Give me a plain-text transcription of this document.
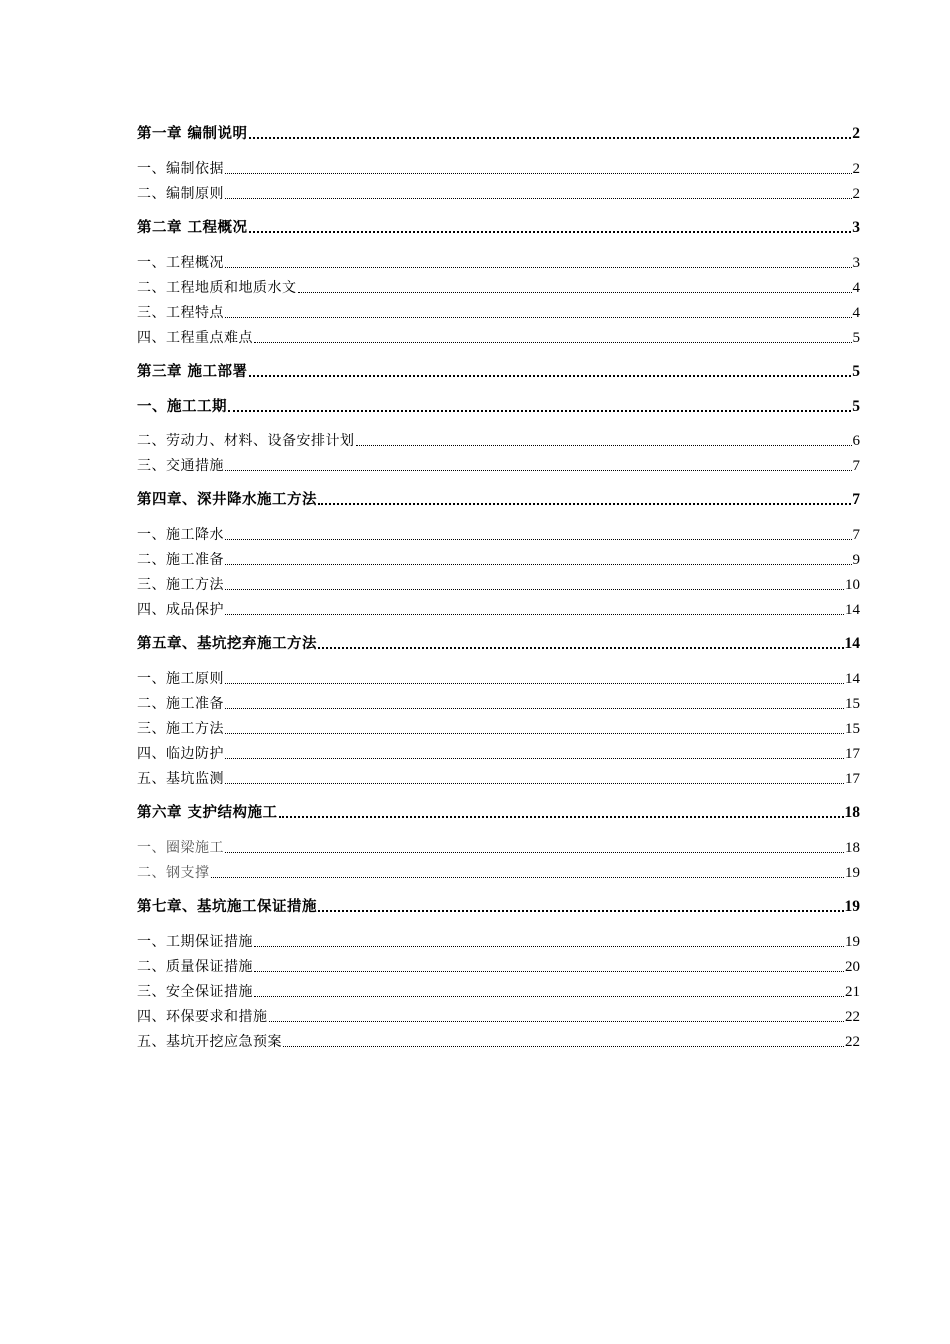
第一章 编制说明	2
一、编制依据	2
二、编制原则	2
第二章 工程概况	3
一、工程概况	3
二、工程地质和地质水文	4
三、工程特点	4
四、工程重点难点	5
第三章 施工部署	5
一、施工工期	5
二、劳动力、材料、设备安排计划	6
三、交通措施	7
第四章、深井降水施工方法	7
一、施工降水	7
二、施工准备	9
三、施工方法	10
四、成品保护	14
第五章、基坑挖弃施工方法	14
一、施工原则	14
二、施工准备	15
三、施工方法	15
四、临边防护	17
五、基坑监测	17
第六章 支护结构施工	18
一、圈梁施工	18
二、钢支撑	19
第七章、基坑施工保证措施	19
一、工期保证措施	19
二、质量保证措施	20
三、安全保证措施	21
四、环保要求和措施	22
五、基坑开挖应急预案	22
